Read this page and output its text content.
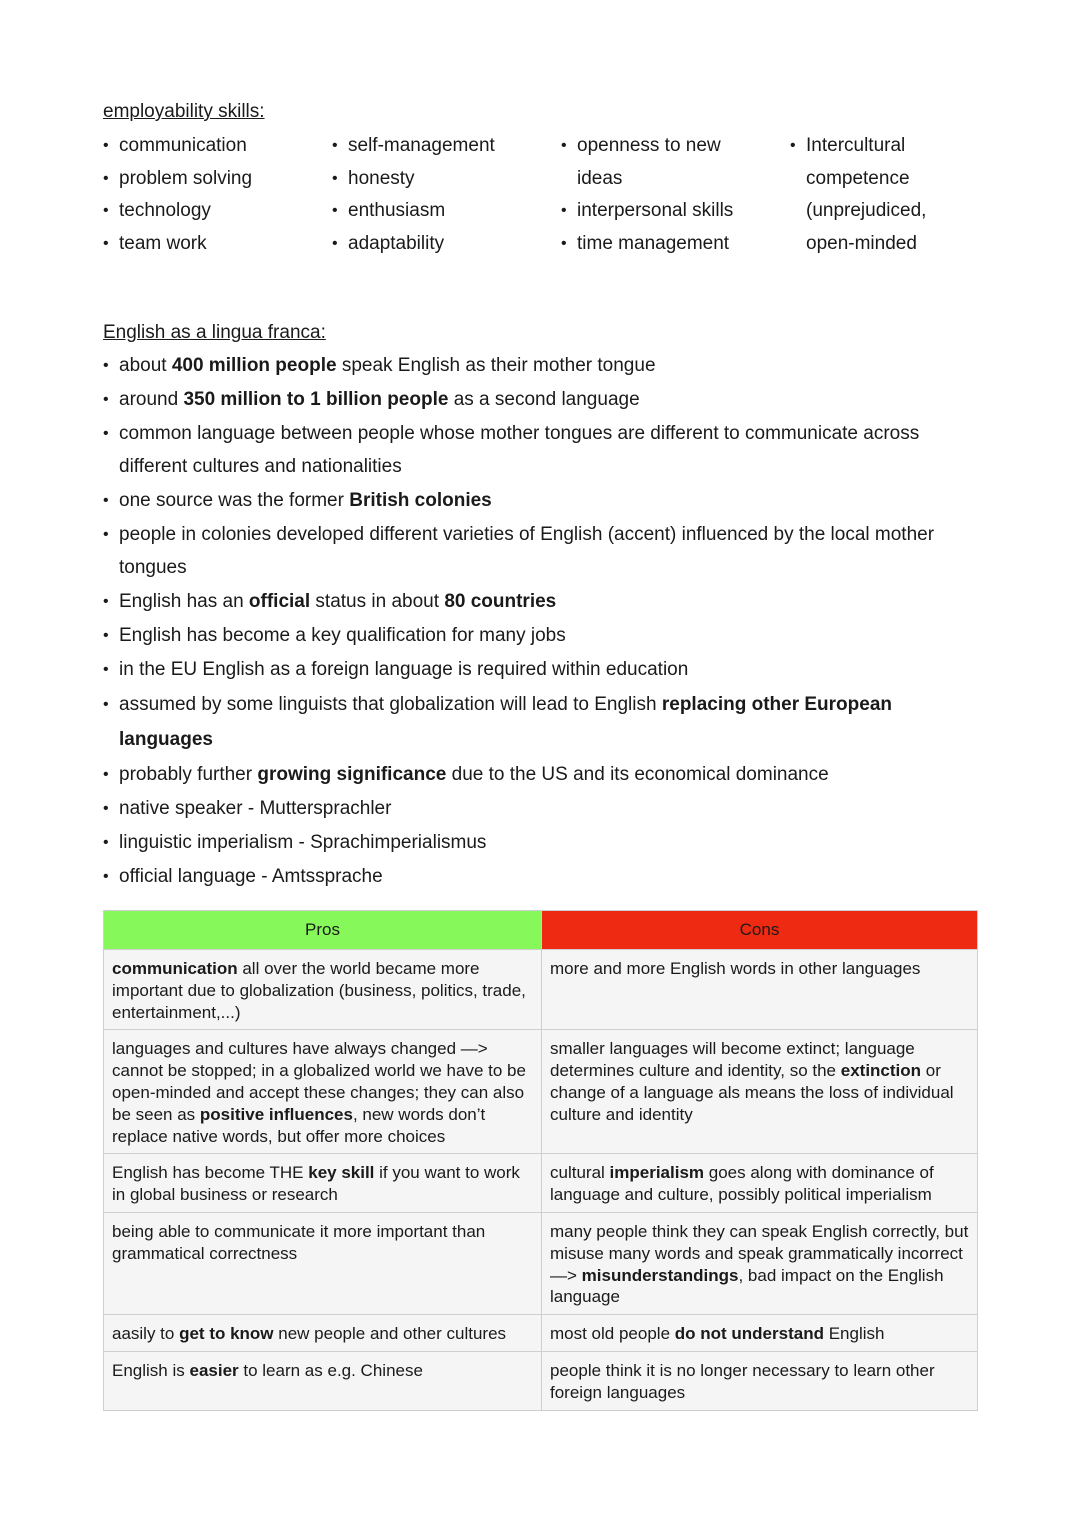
employability skills:
• communication
• problem solving
• technology
• team work
• self-management
• honesty
• enthusiasm
• adaptability
• openness to new
ideas
• interpersonal skills
• time management
• Intercultural
competence
(unprejudiced,
open-minded
English as a lingua franca:
• about 400 million people speak English as their mother tongue
• around 350 million to 1 billion people as a second language
• common language between people whose mother tongues are different to communicate across different cultures and nationalities
• one source was the former British colonies
• people in colonies developed different varieties of English (accent) influenced by the local mother tongues
• English has an official status in about 80 countries
• English has become a key qualification for many jobs
• in the EU English as a foreign language is required within education
• assumed by some linguists that globalization will lead to English replacing other European languages
• probably further growing significance due to the US and its economical dominance
• native speaker - Muttersprachler
• linguistic imperialism - Sprachimperialismus
• official language - Amtssprache
Pros	Cons
communication all over the world became more important due to globalization (business, politics, trade, entertainment,...)	more and more English words in other languages
languages and cultures have always changed —> cannot be stopped; in a globalized world we have to be open-minded and accept these changes; they can also be seen as positive influences, new words don’t replace native words, but offer more choices	smaller languages will become extinct; language determines culture and identity, so the extinction or change of a language als means the loss of individual culture and identity
English has become THE key skill if you want to work in global business or research	cultural imperialism goes along with dominance of language and culture, possibly political imperialism
being able to communicate it more important than grammatical correctness	many people think they can speak English correctly, but misuse many words and speak grammatically incorrect —> misunderstandings, bad impact on the English language
aasily to get to know new people and other cultures	most old people do not understand English
English is easier to learn as e.g. Chinese	people think it is no longer necessary to learn other foreign languages
